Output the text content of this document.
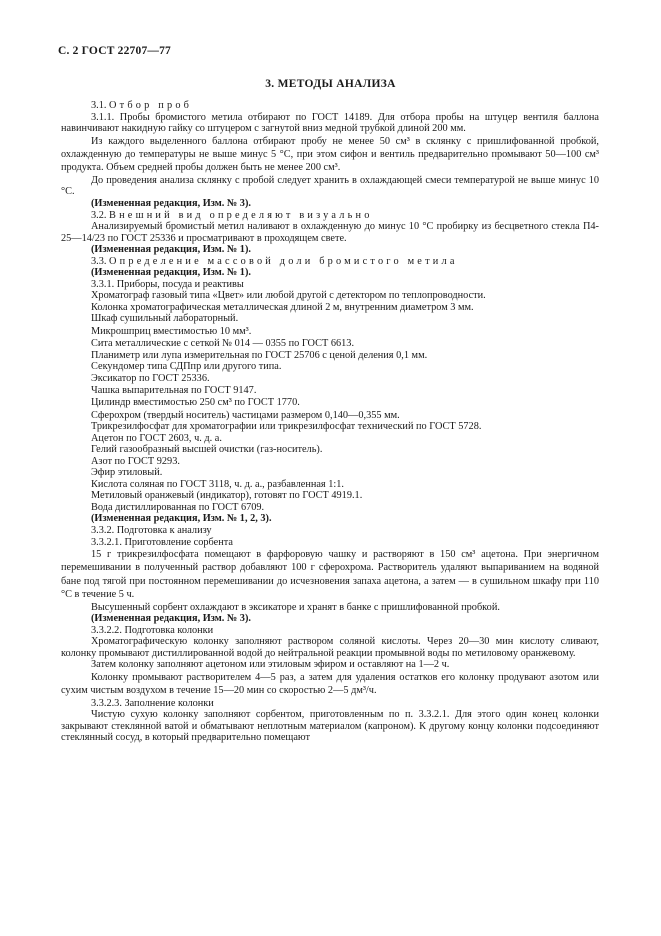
С. 2 ГОСТ 22707—77
3. МЕТОДЫ АНАЛИЗА

3.1. Отбор проб

3.1.1. Пробы бромистого метила отбирают по ГОСТ 14189. Для отбора пробы на штуцер вентиля баллона навинчивают накидную гайку со штуцером с загнутой вниз медной трубкой длиной 200 мм.

Из каждого выделенного баллона отбирают пробу не менее 50 см³ в склянку с пришлифованной пробкой, охлажденную до температуры не выше минус 5 °С, при этом сифон и вентиль предварительно промывают 50—100 см³ продукта. Объем средней пробы должен быть не менее 200 см³.

До проведения анализа склянку с пробой следует хранить в охлаждающей смеси температурой не выше минус 10 °С.

(Измененная редакция, Изм. № 3).

3.2. Внешний вид определяют визуально

Анализируемый бромистый метил наливают в охлажденную до минус 10 °С пробирку из бесцветного стекла П4-25—14/23 по ГОСТ 25336 и просматривают в проходящем свете.

(Измененная редакция, Изм. № 1).

3.3. Определение массовой доли бромистого метила

(Измененная редакция, Изм. № 1).

3.3.1. Приборы, посуда и реактивы

Хроматограф газовый типа «Цвет» или любой другой с детектором по теплопроводности.

Колонка хроматографическая металлическая длиной 2 м, внутренним диаметром 3 мм.

Шкаф сушильный лабораторный.

Микрошприц вместимостью 10 мм³.

Сита металлические с сеткой № 014 — 0355 по ГОСТ 6613.

Планиметр или лупа измерительная по ГОСТ 25706 с ценой деления 0,1 мм.

Секундомер типа СДПпр или другого типа.

Эксикатор по ГОСТ 25336.

Чашка выпарительная по ГОСТ 9147.

Цилиндр вместимостью 250 см³ по ГОСТ 1770.

Сферохром (твердый носитель) частицами размером 0,140—0,355 мм.

Трикрезилфосфат для хроматографии или трикрезилфосфат технический по ГОСТ 5728.

Ацетон по ГОСТ 2603, ч. д. а.

Гелий газообразный высшей очистки (газ-носитель).

Азот по ГОСТ 9293.

Эфир этиловый.

Кислота соляная по ГОСТ 3118, ч. д. а., разбавленная 1:1.

Метиловый оранжевый (индикатор), готовят по ГОСТ 4919.1.

Вода дистиллированная по ГОСТ 6709.

(Измененная редакция, Изм. № 1, 2, 3).

3.3.2. Подготовка к анализу

3.3.2.1. Приготовление сорбента

15 г трикрезилфосфата помещают в фарфоровую чашку и растворяют в 150 см³ ацетона. При энергичном перемешивании в полученный раствор добавляют 100 г сферохрома. Растворитель удаляют выпариванием на водяной бане под тягой при постоянном перемешивании до исчезновения запаха ацетона, а затем — в сушильном шкафу при 110 °С в течение 5 ч.

Высушенный сорбент охлаждают в эксикаторе и хранят в банке с пришлифованной пробкой.

(Измененная редакция, Изм. № 3).

3.3.2.2. Подготовка колонки

Хроматографическую колонку заполняют раствором соляной кислоты. Через 20—30 мин кислоту сливают, колонку промывают дистиллированной водой до нейтральной реакции промывной воды по метиловому оранжевому.

Затем колонку заполняют ацетоном или этиловым эфиром и оставляют на 1—2 ч.

Колонку промывают растворителем 4—5 раз, а затем для удаления остатков его колонку продувают азотом или сухим чистым воздухом в течение 15—20 мин со скоростью 2—5 дм³/ч.

3.3.2.3. Заполнение колонки

Чистую сухую колонку заполняют сорбентом, приготовленным по п. 3.3.2.1. Для этого один конец колонки закрывают стеклянной ватой и обматывают неплотным материалом (капроном). К другому концу колонки подсоединяют стеклянный сосуд, в который предварительно помещают
